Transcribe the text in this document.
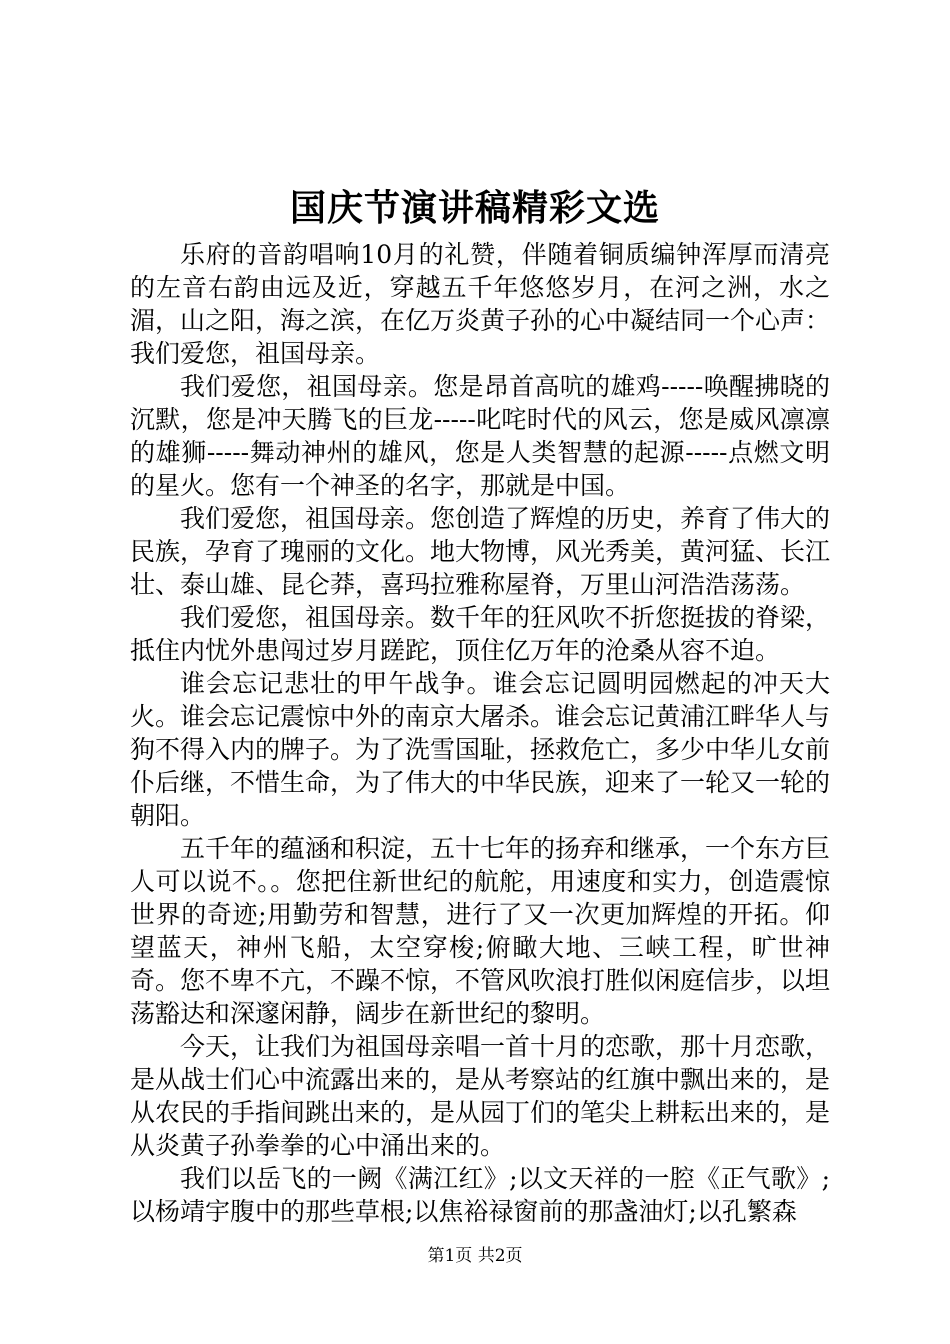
国庆节演讲稿精彩文选

乐府的音韵唱响10月的礼赞，伴随着铜质编钟浑厚而清亮的左音右韵由远及近，穿越五千年悠悠岁月，在河之洲，水之湄，山之阳，海之滨，在亿万炎黄子孙的心中凝结同一个心声：我们爱您，祖国母亲。

我们爱您，祖国母亲。您是昂首高吭的雄鸡-----唤醒拂晓的沉默，您是冲天腾飞的巨龙-----叱咤时代的风云，您是威风凛凛的雄狮-----舞动神州的雄风，您是人类智慧的起源-----点燃文明的星火。您有一个神圣的名字，那就是中国。

我们爱您，祖国母亲。您创造了辉煌的历史，养育了伟大的民族，孕育了瑰丽的文化。地大物博，风光秀美，黄河猛、长江壮、泰山雄、昆仑莽，喜玛拉雅称屋脊，万里山河浩浩荡荡。

我们爱您，祖国母亲。数千年的狂风吹不折您挺拔的脊梁，抵住内忧外患闯过岁月蹉跎，顶住亿万年的沧桑从容不迫。

谁会忘记悲壮的甲午战争。谁会忘记圆明园燃起的冲天大火。谁会忘记震惊中外的南京大屠杀。谁会忘记黄浦江畔华人与狗不得入内的牌子。为了洗雪国耻，拯救危亡，多少中华儿女前仆后继，不惜生命，为了伟大的中华民族，迎来了一轮又一轮的朝阳。

五千年的蕴涵和积淀，五十七年的扬弃和继承，一个东方巨人可以说不。。您把住新世纪的航舵，用速度和实力，创造震惊世界的奇迹;用勤劳和智慧，进行了又一次更加辉煌的开拓。仰望蓝天，神州飞船，太空穿梭;俯瞰大地、三峡工程，旷世神奇。您不卑不亢，不躁不惊，不管风吹浪打胜似闲庭信步，以坦荡豁达和深邃闲静，阔步在新世纪的黎明。

今天，让我们为祖国母亲唱一首十月的恋歌，那十月恋歌，是从战士们心中流露出来的，是从考察站的红旗中飘出来的，是从农民的手指间跳出来的，是从园丁们的笔尖上耕耘出来的，是从炎黄子孙拳拳的心中涌出来的。

我们以岳飞的一阙《满江红》;以文天祥的一腔《正气歌》;以杨靖宇腹中的那些草根;以焦裕禄窗前的那盏油灯;以孔繁森

第1页 共2页
